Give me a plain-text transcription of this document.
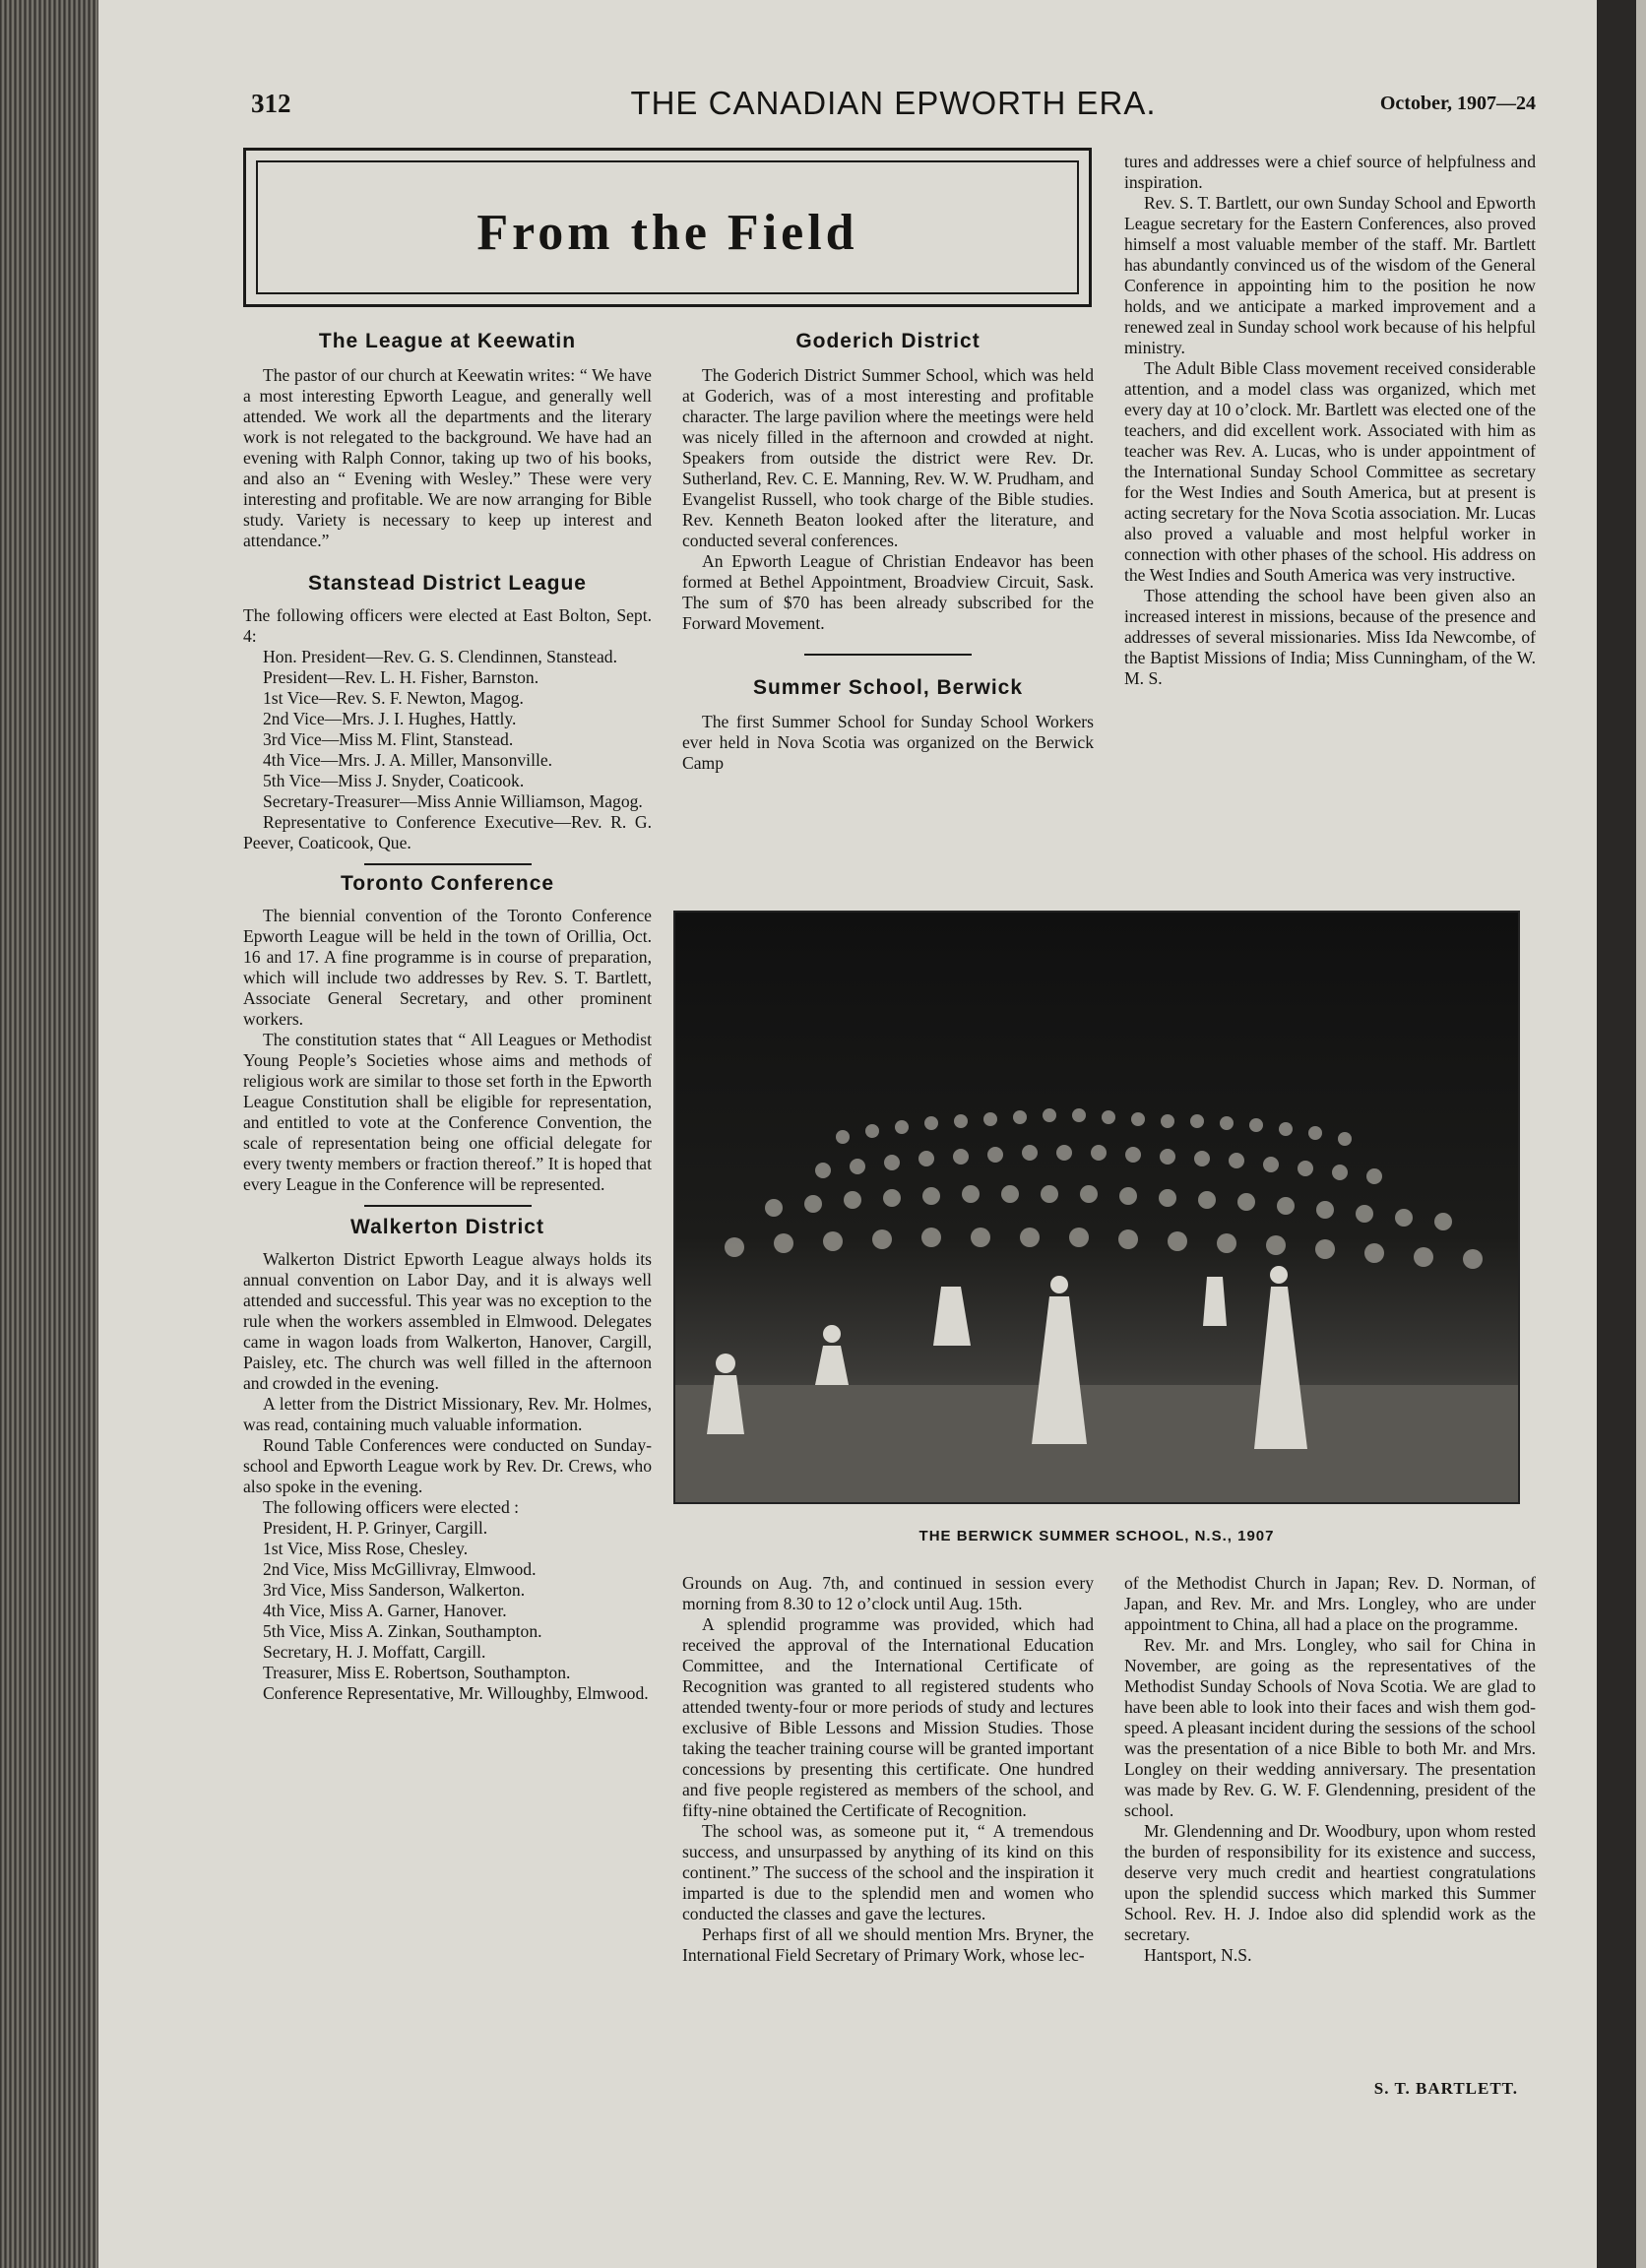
312	THE CANADIAN EPWORTH ERA.	October, 1907—24
From the Field
The League at Keewatin

The pastor of our church at Keewatin writes: “ We have a most interesting Epworth League, and generally well attended. We work all the departments and the literary work is not relegated to the background. We have had an evening with Ralph Connor, taking up two of his books, and also an “ Evening with Wesley.” These were very interesting and profitable. We are now arranging for Bible study. Variety is necessary to keep up interest and attendance.”

Stanstead District League

The following officers were elected at East Bolton, Sept. 4:

Hon. President—Rev. G. S. Clendinnen, Stanstead.

President—Rev. L. H. Fisher, Barnston.

1st Vice—Rev. S. F. Newton, Magog.

2nd Vice—Mrs. J. I. Hughes, Hattly.

3rd Vice—Miss M. Flint, Stanstead.

4th Vice—Mrs. J. A. Miller, Mansonville.

5th Vice—Miss J. Snyder, Coaticook.

Secretary-Treasurer—Miss Annie Williamson, Magog.

Representative to Conference Executive—Rev. R. G. Peever, Coaticook, Que.

Toronto Conference

The biennial convention of the Toronto Conference Epworth League will be held in the town of Orillia, Oct. 16 and 17. A fine programme is in course of preparation, which will include two addresses by Rev. S. T. Bartlett, Associate General Secretary, and other prominent workers.

The constitution states that “ All Leagues or Methodist Young People’s Societies whose aims and methods of religious work are similar to those set forth in the Epworth League Constitution shall be eligible for representation, and entitled to vote at the Conference Convention, the scale of representation being one official delegate for every twenty members or fraction thereof.” It is hoped that every League in the Conference will be represented.

Walkerton District

Walkerton District Epworth League always holds its annual convention on Labor Day, and it is always well attended and successful. This year was no exception to the rule when the workers assembled in Elmwood. Delegates came in wagon loads from Walkerton, Hanover, Cargill, Paisley, etc. The church was well filled in the afternoon and crowded in the evening.

A letter from the District Missionary, Rev. Mr. Holmes, was read, containing much valuable information.

Round Table Conferences were conducted on Sunday-school and Epworth League work by Rev. Dr. Crews, who also spoke in the evening.

The following officers were elected :

President, H. P. Grinyer, Cargill.

1st Vice, Miss Rose, Chesley.

2nd Vice, Miss McGillivray, Elmwood.

3rd Vice, Miss Sanderson, Walkerton.

4th Vice, Miss A. Garner, Hanover.

5th Vice, Miss A. Zinkan, Southampton.

Secretary, H. J. Moffatt, Cargill.

Treasurer, Miss E. Robertson, Southampton.

Conference Representative, Mr. Willoughby, Elmwood.

Goderich District

The Goderich District Summer School, which was held at Goderich, was of a most interesting and profitable character. The large pavilion where the meetings were held was nicely filled in the afternoon and crowded at night. Speakers from outside the district were Rev. Dr. Sutherland, Rev. C. E. Manning, Rev. W. W. Prudham, and Evangelist Russell, who took charge of the Bible studies. Rev. Kenneth Beaton looked after the literature, and conducted several conferences.

An Epworth League of Christian Endeavor has been formed at Bethel Appointment, Broadview Circuit, Sask. The sum of $70 has been already subscribed for the Forward Movement.

Summer School, Berwick

The first Summer School for Sunday School Workers ever held in Nova Scotia was organized on the Berwick Camp

tures and addresses were a chief source of helpfulness and inspiration.

Rev. S. T. Bartlett, our own Sunday School and Epworth League secretary for the Eastern Conferences, also proved himself a most valuable member of the staff. Mr. Bartlett has abundantly convinced us of the wisdom of the General Conference in appointing him to the position he now holds, and we anticipate a marked improvement and a renewed zeal in Sunday school work because of his helpful ministry.

The Adult Bible Class movement received considerable attention, and a model class was organized, which met every day at 10 o’clock. Mr. Bartlett was elected one of the teachers, and did excellent work. Associated with him as teacher was Rev. A. Lucas, who is under appointment of the International Sunday School Committee as secretary for the West Indies and South America, but at present is acting secretary for the Nova Scotia association. Mr. Lucas also proved a valuable and most helpful worker in connection with other phases of the school. His address on the West Indies and South America was very instructive.

Those attending the school have been given also an increased interest in missions, because of the presence and addresses of several missionaries. Miss Ida Newcombe, of the Baptist Missions of India; Miss Cunningham, of the W. M. S.

THE BERWICK SUMMER SCHOOL, N.S., 1907

Grounds on Aug. 7th, and continued in session every morning from 8.30 to 12 o’clock until Aug. 15th.

A splendid programme was provided, which had received the approval of the International Education Committee, and the International Certificate of Recognition was granted to all registered students who attended twenty-four or more periods of study and lectures exclusive of Bible Lessons and Mission Studies. Those taking the teacher training course will be granted important concessions by presenting this certificate. One hundred and five people registered as members of the school, and fifty-nine obtained the Certificate of Recognition.

The school was, as someone put it, “ A tremendous success, and unsurpassed by anything of its kind on this continent.” The success of the school and the inspiration it imparted is due to the splendid men and women who conducted the classes and gave the lectures.

Perhaps first of all we should mention Mrs. Bryner, the International Field Secretary of Primary Work, whose lec-

of the Methodist Church in Japan; Rev. D. Norman, of Japan, and Rev. Mr. and Mrs. Longley, who are under appointment to China, all had a place on the programme.

Rev. Mr. and Mrs. Longley, who sail for China in November, are going as the representatives of the Methodist Sunday Schools of Nova Scotia. We are glad to have been able to look into their faces and wish them god-speed. A pleasant incident during the sessions of the school was the presentation of a nice Bible to both Mr. and Mrs. Longley on their wedding anniversary. The presentation was made by Rev. G. W. F. Glendenning, president of the school.

Mr. Glendenning and Dr. Woodbury, upon whom rested the burden of responsibility for its existence and success, deserve very much credit and heartiest congratulations upon the splendid success which marked this Summer School. Rev. H. J. Indoe also did splendid work as the secretary.

Hantsport, N.S.

S. T. BARTLETT.
